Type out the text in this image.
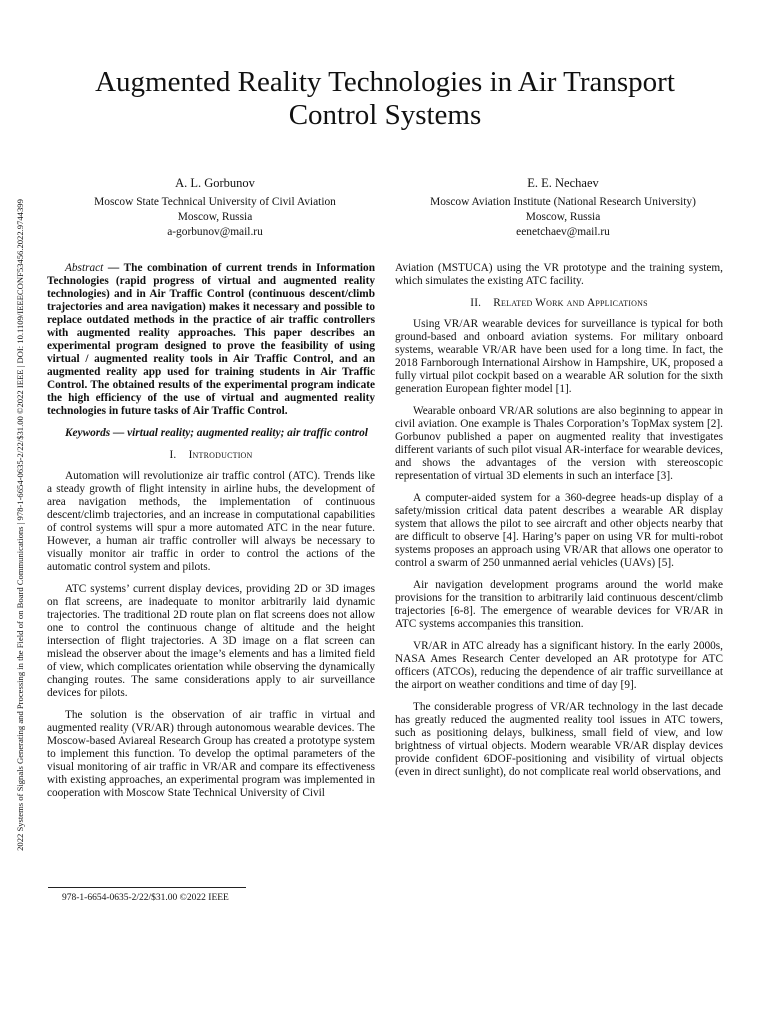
2022 Systems of Signals Generating and Processing in the Field of on Board Communications | 978-1-6654-0635-2/22/$31.00 ©2022 IEEE | DOI: 10.1109/IEEECONF53456.2022.9744399
Augmented Reality Technologies in Air Transport
Control Systems
A. L. Gorbunov
Moscow State Technical University of Civil Aviation
Moscow, Russia
a-gorbunov@mail.ru
E. E. Nechaev
Moscow Aviation Institute (National Research University)
Moscow, Russia
eenetchaev@mail.ru

Abstract — The combination of current trends in Information Technologies (rapid progress of virtual and augmented reality technologies) and in Air Traffic Control (continuous descent/climb trajectories and area navigation) makes it necessary and possible to replace outdated methods in the practice of air traffic controllers with augmented reality approaches. This paper describes an experimental program designed to prove the feasibility of using virtual / augmented reality tools in Air Traffic Control, and an augmented reality app used for training students in Air Traffic Control. The obtained results of the experimental program indicate the high efficiency of the use of virtual and augmented reality technologies in future tasks of Air Traffic Control.

Keywords — virtual reality; augmented reality; air traffic control

I. Introduction

Automation will revolutionize air traffic control (ATC). Trends like a steady growth of flight intensity in airline hubs, the development of area navigation methods, the implementation of continuous descent/climb trajectories, and an increase in computational capabilities of control systems will spur a more automated ATC in the near future. However, a human air traffic controller will always be necessary to visually monitor air traffic in order to control the actions of the automatic control system and pilots.

ATC systems’ current display devices, providing 2D or 3D images on flat screens, are inadequate to monitor arbitrarily laid dynamic trajectories. The traditional 2D route plan on flat screens does not allow one to control the continuous change of altitude and the height intersection of flight trajectories. A 3D image on a flat screen can mislead the observer about the image’s elements and has a limited field of view, which complicates orientation while observing the dynamically changing routes. The same considerations apply to air surveillance devices for pilots.

The solution is the observation of air traffic in virtual and augmented reality (VR/AR) through autonomous wearable devices. The Moscow-based Aviareal Research Group has created a prototype system to implement this function. To develop the optimal parameters of the visual monitoring of air traffic in VR/AR and compare its effectiveness with existing approaches, an experimental program was implemented in cooperation with Moscow State Technical University of Civil

Aviation (MSTUCA) using the VR prototype and the training system, which simulates the existing ATC facility.

II. Related Work and Applications

Using VR/AR wearable devices for surveillance is typical for both ground-based and onboard aviation systems. For military onboard systems, wearable VR/AR have been used for a long time. In fact, the 2018 Farnborough International Airshow in Hampshire, UK, proposed a fully virtual pilot cockpit based on a wearable AR solution for the sixth generation European fighter model [1].

Wearable onboard VR/AR solutions are also beginning to appear in civil aviation. One example is Thales Corporation’s TopMax system [2]. Gorbunov published a paper on augmented reality that investigates different variants of such pilot visual AR-interface for wearable devices, and shows the advantages of the version with stereoscopic representation of virtual 3D elements in such an interface [3].

A computer-aided system for a 360-degree heads-up display of a safety/mission critical data patent describes a wearable AR display system that allows the pilot to see aircraft and other objects nearby that are difficult to observe [4]. Haring’s paper on using VR for multi-robot systems proposes an approach using VR/AR that allows one operator to control a swarm of 250 unmanned aerial vehicles (UAVs) [5].

Air navigation development programs around the world make provisions for the transition to arbitrarily laid continuous descent/climb trajectories [6-8]. The emergence of wearable devices for VR/AR in ATC systems accompanies this transition.

VR/AR in ATC already has a significant history. In the early 2000s, NASA Ames Research Center developed an AR prototype for ATC officers (ATCOs), reducing the dependence of air traffic surveillance at the airport on weather conditions and time of day [9].

The considerable progress of VR/AR technology in the last decade has greatly reduced the augmented reality tool issues in ATC towers, such as positioning delays, bulkiness, small field of view, and low brightness of virtual objects. Modern wearable VR/AR display devices provide confident 6DOF-positioning and visibility of virtual objects (even in direct sunlight), do not complicate real world observations, and

978-1-6654-0635-2/22/$31.00 ©2022 IEEE
